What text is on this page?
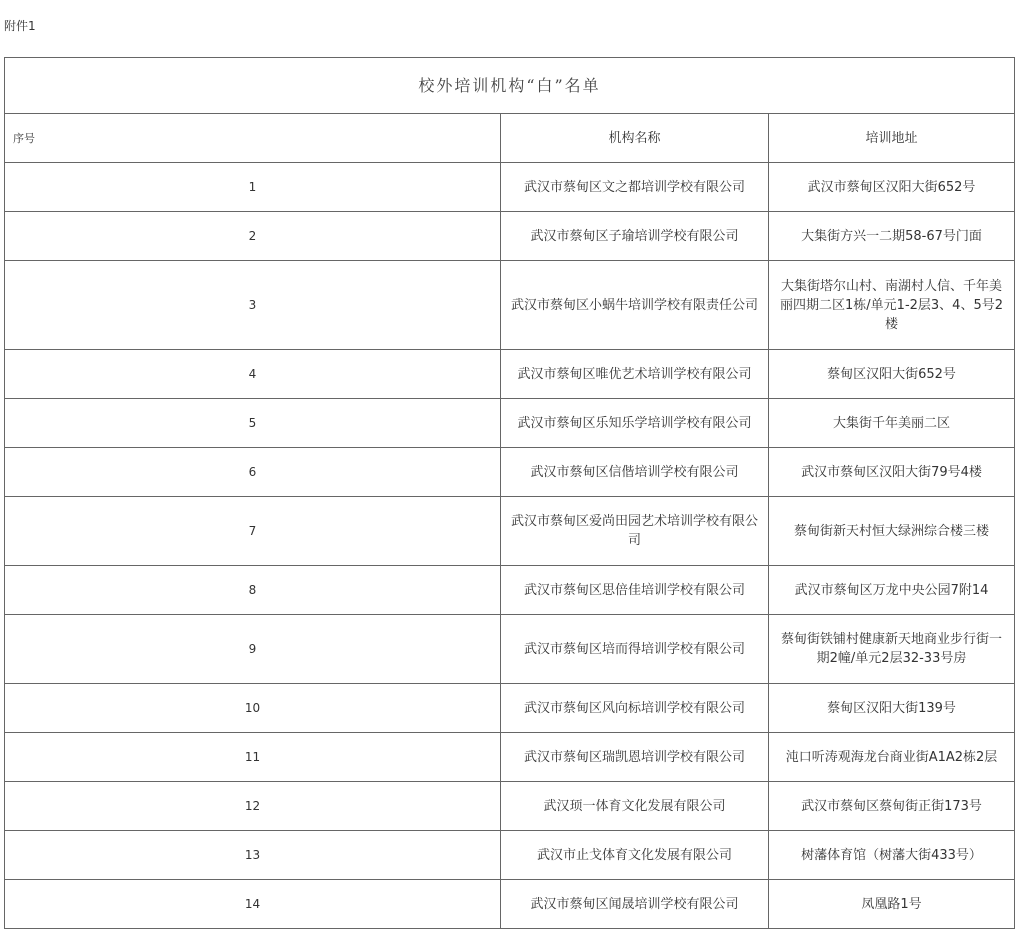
附件1
校外培训机构“白”名单		
序号	机构名称	培训地址
1	武汉市蔡甸区文之都培训学校有限公司	武汉市蔡甸区汉阳大街652号
2	武汉市蔡甸区子瑜培训学校有限公司	大集街方兴一二期58-67号门面
3	武汉市蔡甸区小蜗牛培训学校有限责任公司	大集街塔尔山村、南湖村人信、千年美丽四期二区1栋/单元1-2层3、4、5号2楼
4	武汉市蔡甸区唯优艺术培训学校有限公司	蔡甸区汉阳大街652号
5	武汉市蔡甸区乐知乐学培训学校有限公司	大集街千年美丽二区
6	武汉市蔡甸区信偕培训学校有限公司	武汉市蔡甸区汉阳大街79号4楼
7	武汉市蔡甸区爱尚田园艺术培训学校有限公司	蔡甸街新天村恒大绿洲综合楼三楼
8	武汉市蔡甸区思倍佳培训学校有限公司	武汉市蔡甸区万龙中央公园7附14
9	武汉市蔡甸区培而得培训学校有限公司	蔡甸街铁铺村健康新天地商业步行街一期2幢/单元2层32-33号房
10	武汉市蔡甸区风向标培训学校有限公司	蔡甸区汉阳大街139号
11	武汉市蔡甸区瑞凯恩培训学校有限公司	沌口听涛观海龙台商业街A1A2栋2层
12	武汉顼一体育文化发展有限公司	武汉市蔡甸区蔡甸街正街173号
13	武汉市止戈体育文化发展有限公司	树藩体育馆（树藩大街433号）
14	武汉市蔡甸区闻晟培训学校有限公司	凤凰路1号
